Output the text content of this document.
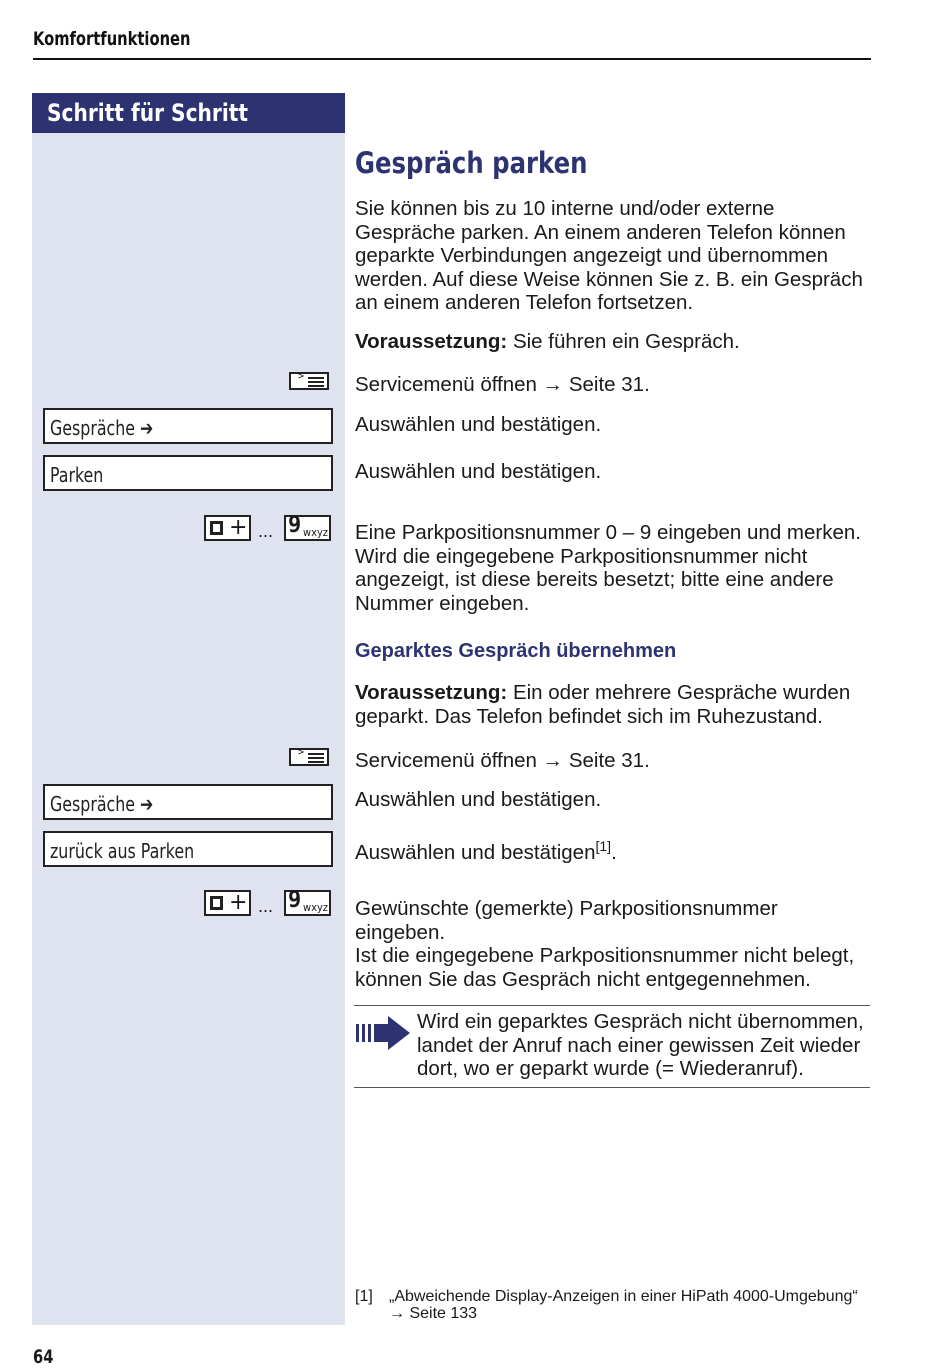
Komfortfunktionen
Schritt für Schritt
>
Gespräche ➔
Parken
+ ... 9 wxyz
>
Gespräche ➔
zurück aus Parken
+ ... 9 wxyz
Gespräch parken
Sie können bis zu 10 interne und/oder externe Gespräche parken. An einem anderen Telefon können geparkte Verbindungen angezeigt und übernommen werden. Auf diese Weise können Sie z. B. ein Gespräch an einem anderen Telefon fortsetzen.
Voraussetzung: Sie führen ein Gespräch.
Servicemenü öffnen → Seite 31.
Auswählen und bestätigen.
Auswählen und bestätigen.
Eine Parkpositionsnummer 0 – 9 eingeben und merken. Wird die eingegebene Parkpositionsnummer nicht angezeigt, ist diese bereits besetzt; bitte eine andere Nummer eingeben.
Geparktes Gespräch übernehmen
Voraussetzung: Ein oder mehrere Gespräche wurden geparkt. Das Telefon befindet sich im Ruhezustand.
Servicemenü öffnen → Seite 31.
Auswählen und bestätigen.
Auswählen und bestätigen[1].
Gewünschte (gemerkte) Parkpositionsnummer eingeben.
Ist die eingegebene Parkpositionsnummer nicht belegt, können Sie das Gespräch nicht entgegennehmen.
Wird ein geparktes Gespräch nicht übernommen, landet der Anruf nach einer gewissen Zeit wieder dort, wo er geparkt wurde (= Wiederanruf).
[1] „Abweichende Display-Anzeigen in einer HiPath 4000-Umgebung“ → Seite 133
64
